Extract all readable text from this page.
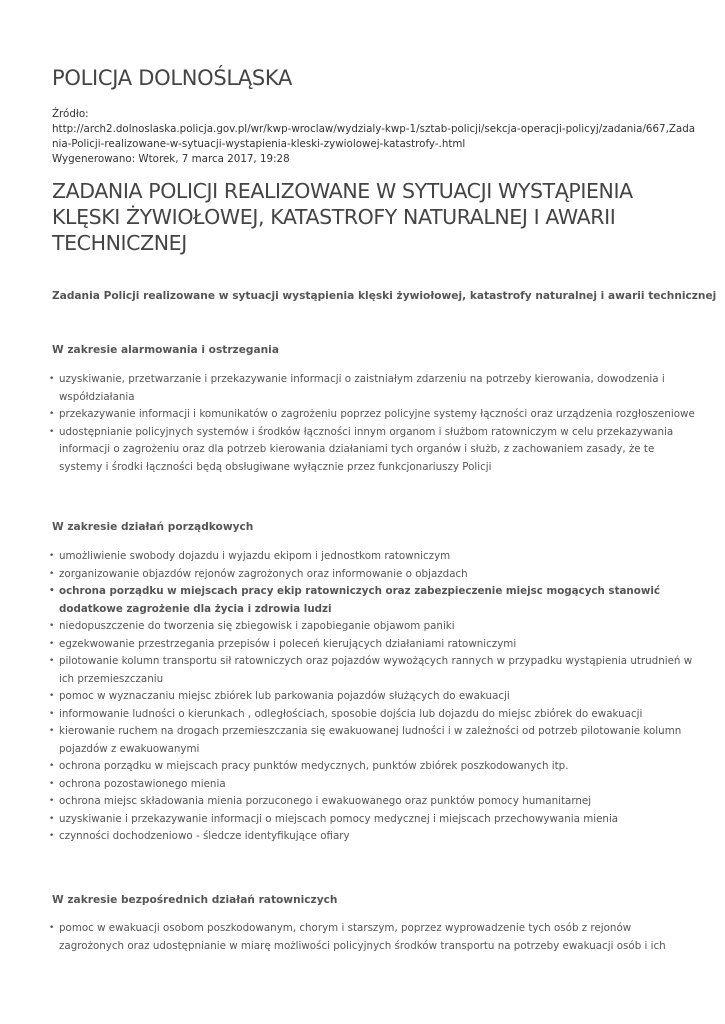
POLICJA DOLNOŚLĄSKA
Źródło:
http://arch2.dolnoslaska.policja.gov.pl/wr/kwp-wroclaw/wydzialy-kwp-1/sztab-policji/sekcja-operacji-policyj/zadania/667,Zada
nia-Policji-realizowane-w-sytuacji-wystapienia-kleski-zywiolowej-katastrofy-.html
Wygenerowano: Wtorek, 7 marca 2017, 19:28
ZADANIA POLICJI REALIZOWANE W SYTUACJI WYSTĄPIENIA
KLĘSKI ŻYWIOŁOWEJ, KATASTROFY NATURALNEJ I AWARII
TECHNICZNEJ
Zadania Policji realizowane w sytuacji wystąpienia klęski żywiołowej, katastrofy naturalnej i awarii technicznej
W zakresie alarmowania i ostrzegania
• uzyskiwanie, przetwarzanie i przekazywanie informacji o zaistniałym zdarzeniu na potrzeby kierowania, dowodzenia i
współdziałania
• przekazywanie informacji i komunikatów o zagrożeniu poprzez policyjne systemy łączności oraz urządzenia rozgłoszeniowe
• udostępnianie policyjnych systemów i środków łączności innym organom i służbom ratowniczym w celu przekazywania
informacji o zagrożeniu oraz dla potrzeb kierowania działaniami tych organów i służb, z zachowaniem zasady, że te
systemy i środki łączności będą obsługiwane wyłącznie przez funkcjonariuszy Policji
W zakresie działań porządkowych
• umożliwienie swobody dojazdu i wyjazdu ekipom i jednostkom ratowniczym
• zorganizowanie objazdów rejonów zagrożonych oraz informowanie o objazdach
• ochrona porządku w miejscach pracy ekip ratowniczych oraz zabezpieczenie miejsc mogących stanowić
dodatkowe zagrożenie dla życia i zdrowia ludzi
• niedopuszczenie do tworzenia się zbiegowisk i zapobieganie objawom paniki
• egzekwowanie przestrzegania przepisów i poleceń kierujących działaniami ratowniczymi
• pilotowanie kolumn transportu sił ratowniczych oraz pojazdów wywożących rannych w przypadku wystąpienia utrudnień w
ich przemieszczaniu
• pomoc w wyznaczaniu miejsc zbiórek lub parkowania pojazdów służących do ewakuacji
• informowanie ludności o kierunkach , odległościach, sposobie dojścia lub dojazdu do miejsc zbiórek do ewakuacji
• kierowanie ruchem na drogach przemieszczania się ewakuowanej ludności i w zależności od potrzeb pilotowanie kolumn
pojazdów z ewakuowanymi
• ochrona porządku w miejscach pracy punktów medycznych, punktów zbiórek poszkodowanych itp.
• ochrona pozostawionego mienia
• ochrona miejsc składowania mienia porzuconego i ewakuowanego oraz punktów pomocy humanitarnej
• uzyskiwanie i przekazywanie informacji o miejscach pomocy medycznej i miejscach przechowywania mienia
• czynności dochodzeniowo - śledcze identyfikujące ofiary
W zakresie bezpośrednich działań ratowniczych
• pomoc w ewakuacji osobom poszkodowanym, chorym i starszym, poprzez wyprowadzenie tych osób z rejonów
zagrożonych oraz udostępnianie w miarę możliwości policyjnych środków transportu na potrzeby ewakuacji osób i ich
